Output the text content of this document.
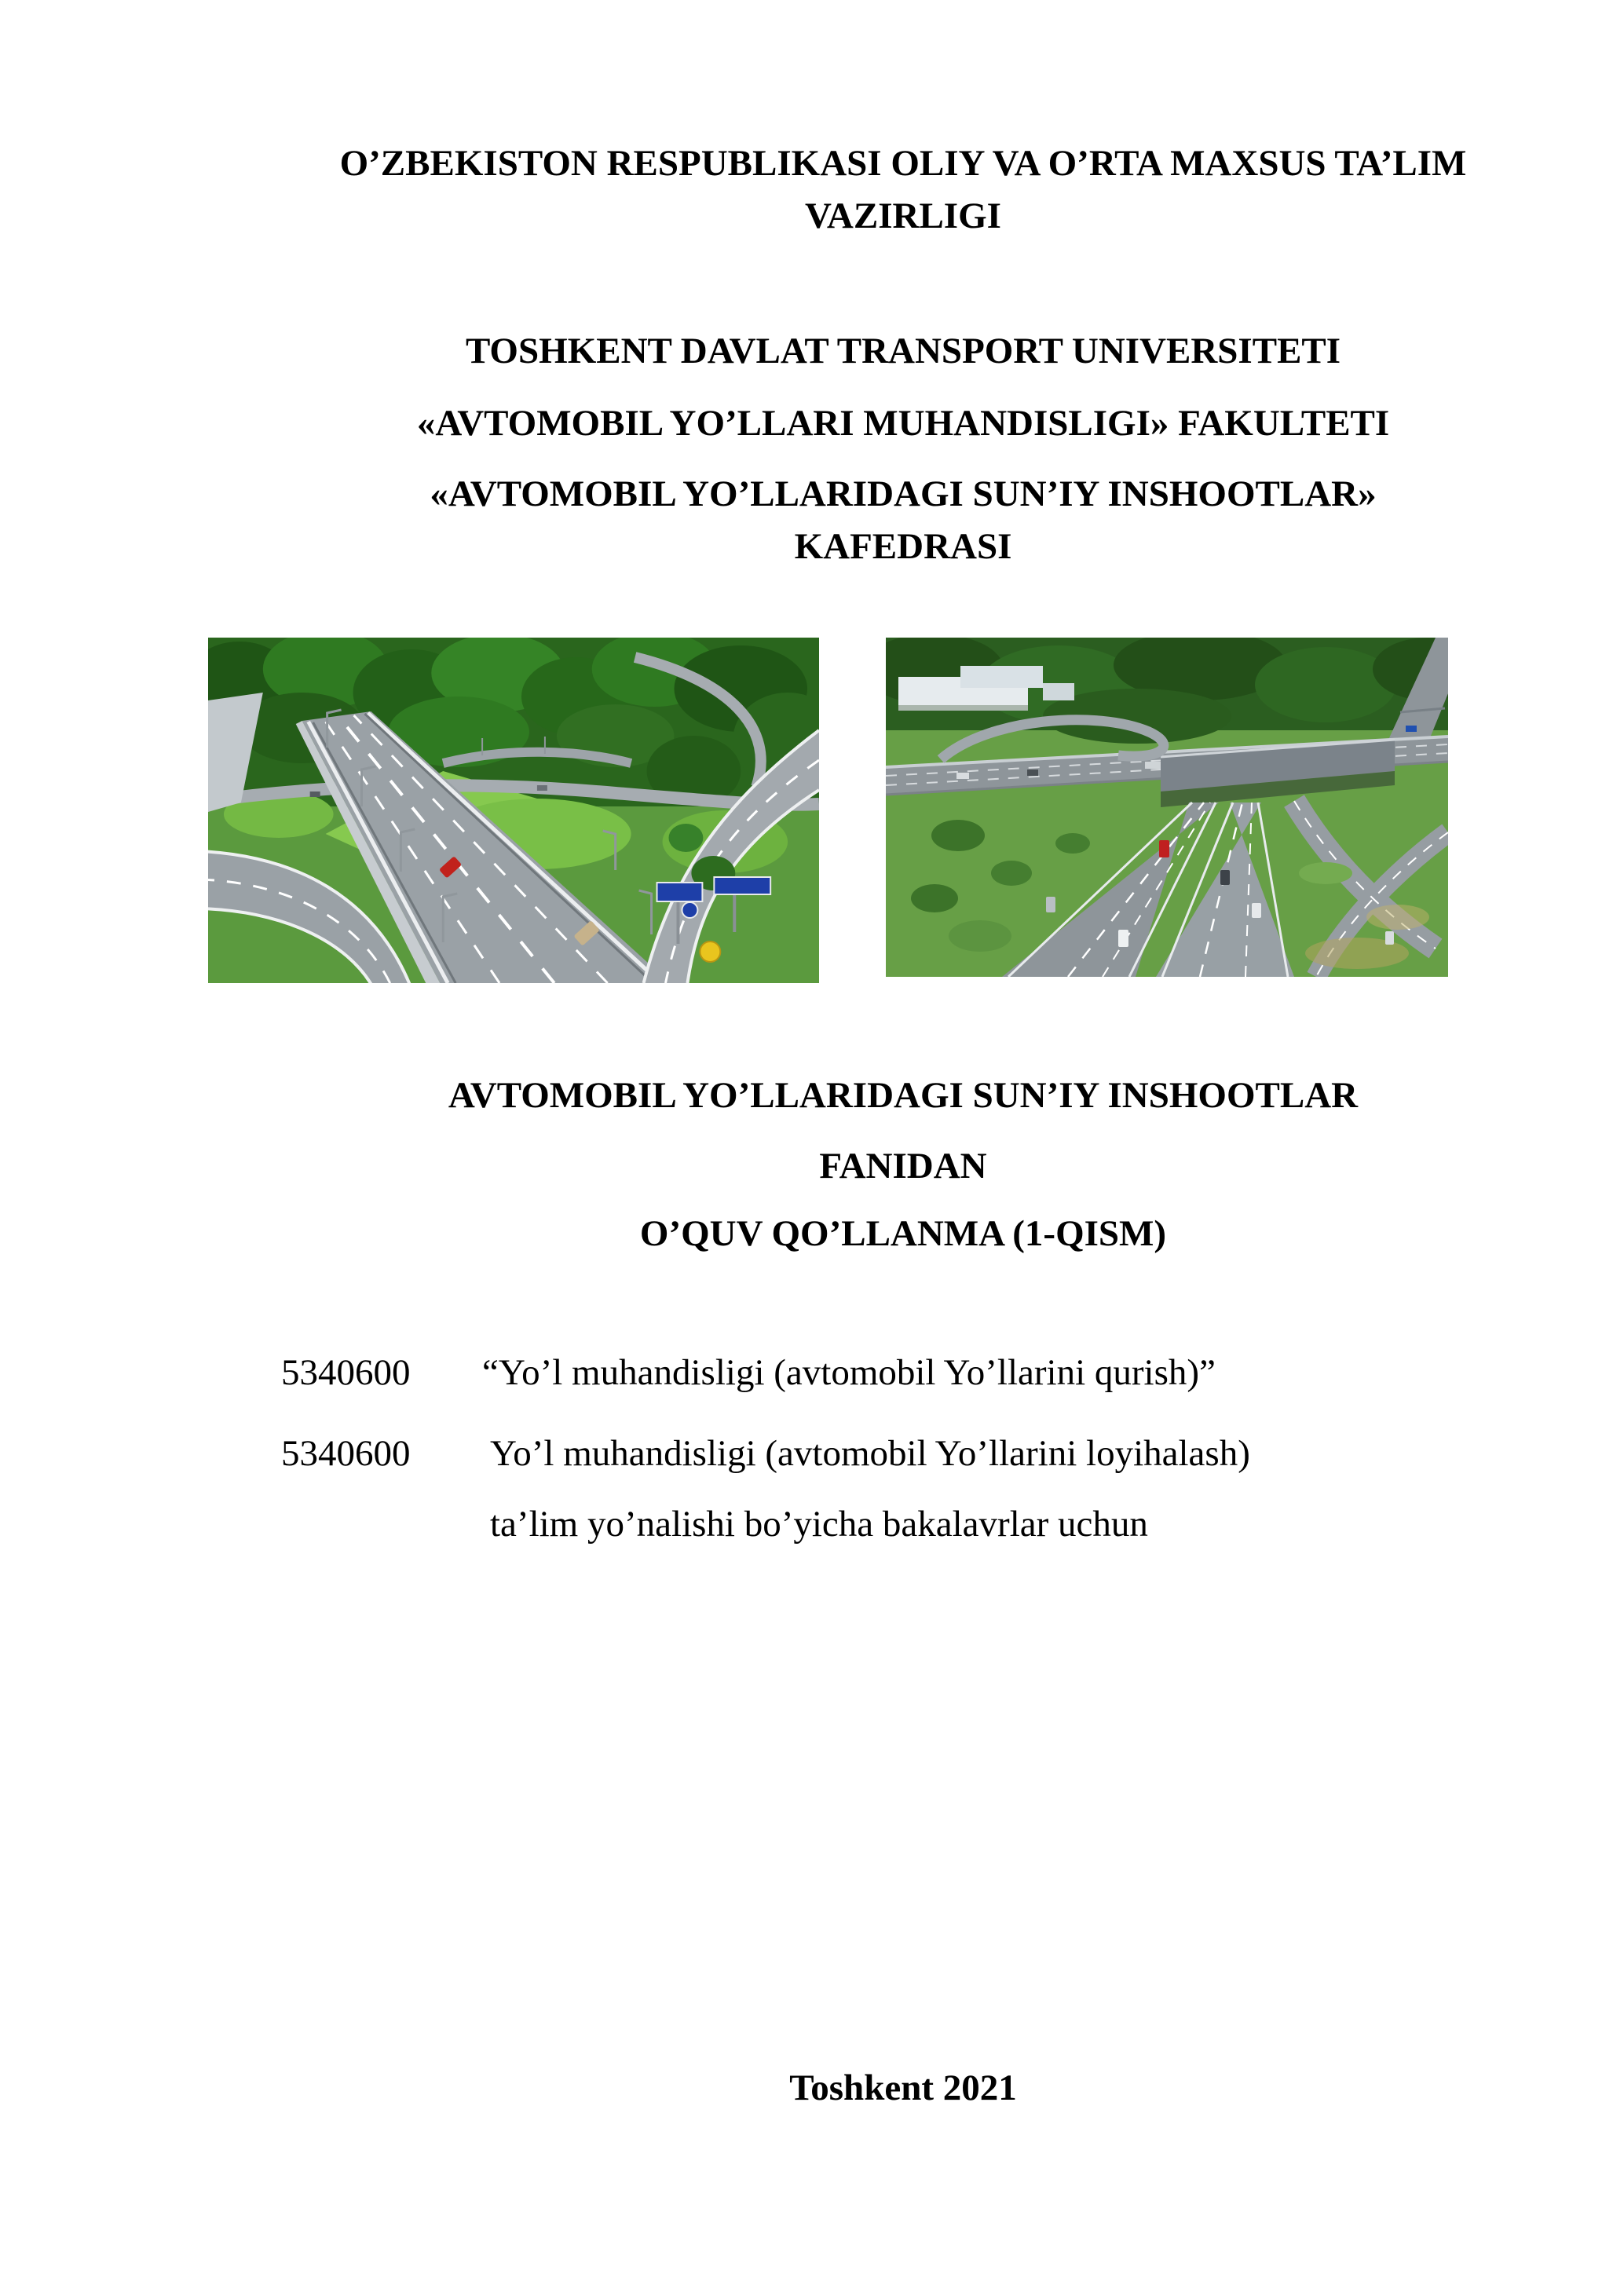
O’ZBEKISTON RESPUBLIKASI OLIY VA O’RTA MAXSUS TA’LIM VAZIRLIGI
TOSHKENT DAVLAT TRANSPORT UNIVERSITETI
«AVTOMOBIL YO’LLARI MUHANDISLIGI» FAKULTETI
«AVTOMOBIL YO’LLARIDAGI SUN’IY INSHOOTLAR» KAFEDRASI
AVTOMOBIL YO’LLARIDAGI SUN’IY INSHOOTLAR
FANIDAN
O’QUV QO’LLANMA (1-QISM)
5340600 “Yo’l muhandisligi (avtomobil Yo’llarini qurish)”
5340600 Yo’l muhandisligi (avtomobil Yo’llarini loyihalash)
ta’lim yo’nalishi bo’yicha bakalavrlar uchun
Toshkent 2021
